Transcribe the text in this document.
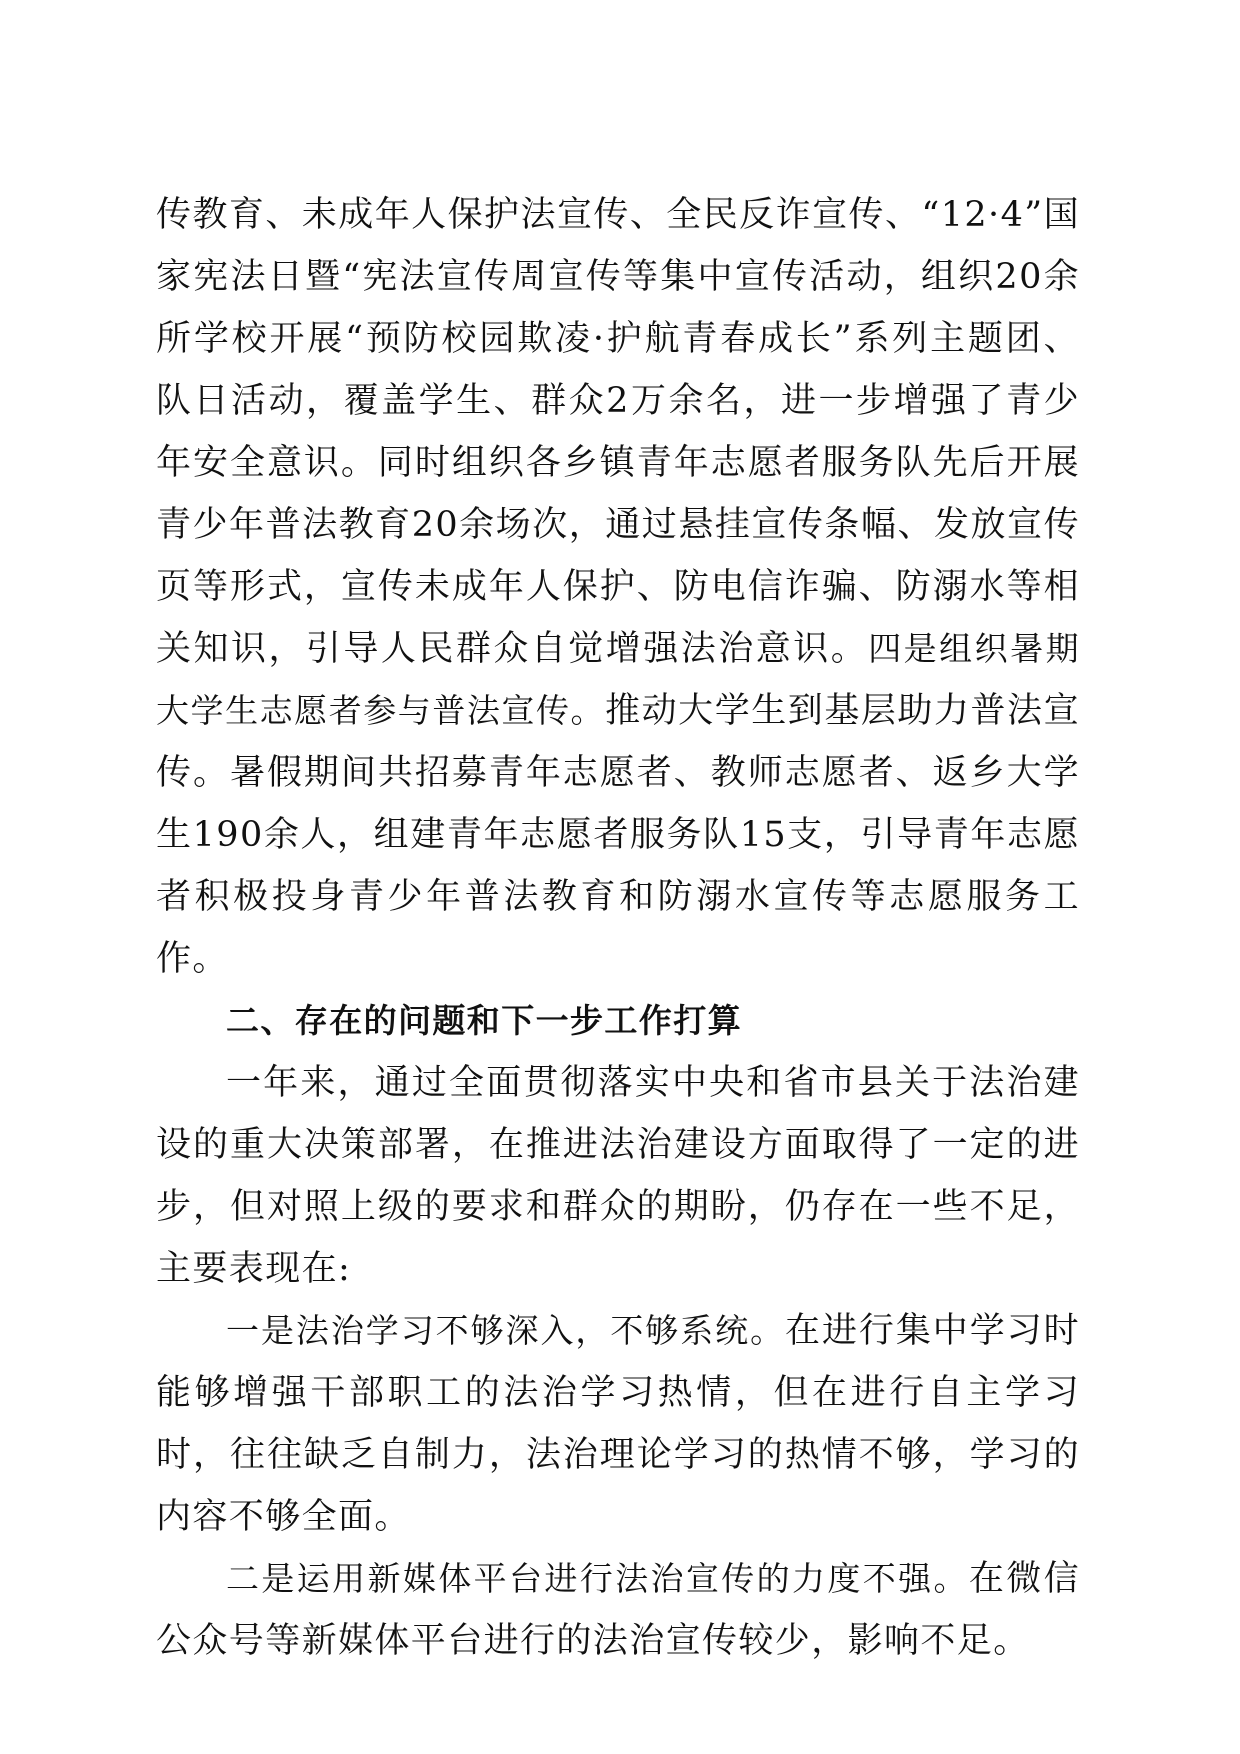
传教育、未成年人保护法宣传、全民反诈宣传、“12·4”国家宪法日暨“宪法宣传周宣传等集中宣传活动，组织20余所学校开展“预防校园欺凌·护航青春成长”系列主题团、队日活动，覆盖学生、群众2万余名，进一步增强了青少年安全意识。同时组织各乡镇青年志愿者服务队先后开展青少年普法教育20余场次，通过悬挂宣传条幅、发放宣传页等形式，宣传未成年人保护、防电信诈骗、防溺水等相关知识，引导人民群众自觉增强法治意识。四是组织暑期大学生志愿者参与普法宣传。推动大学生到基层助力普法宣传。暑假期间共招募青年志愿者、教师志愿者、返乡大学生190余人，组建青年志愿者服务队15支，引导青年志愿者积极投身青少年普法教育和防溺水宣传等志愿服务工作。

二、存在的问题和下一步工作打算

一年来，通过全面贯彻落实中央和省市县关于法治建设的重大决策部署，在推进法治建设方面取得了一定的进步，但对照上级的要求和群众的期盼，仍存在一些不足，主要表现在:

一是法治学习不够深入，不够系统。在进行集中学习时能够增强干部职工的法治学习热情，但在进行自主学习时，往往缺乏自制力，法治理论学习的热情不够，学习的内容不够全面。

二是运用新媒体平台进行法治宣传的力度不强。在微信公众号等新媒体平台进行的法治宣传较少，影响不足。
